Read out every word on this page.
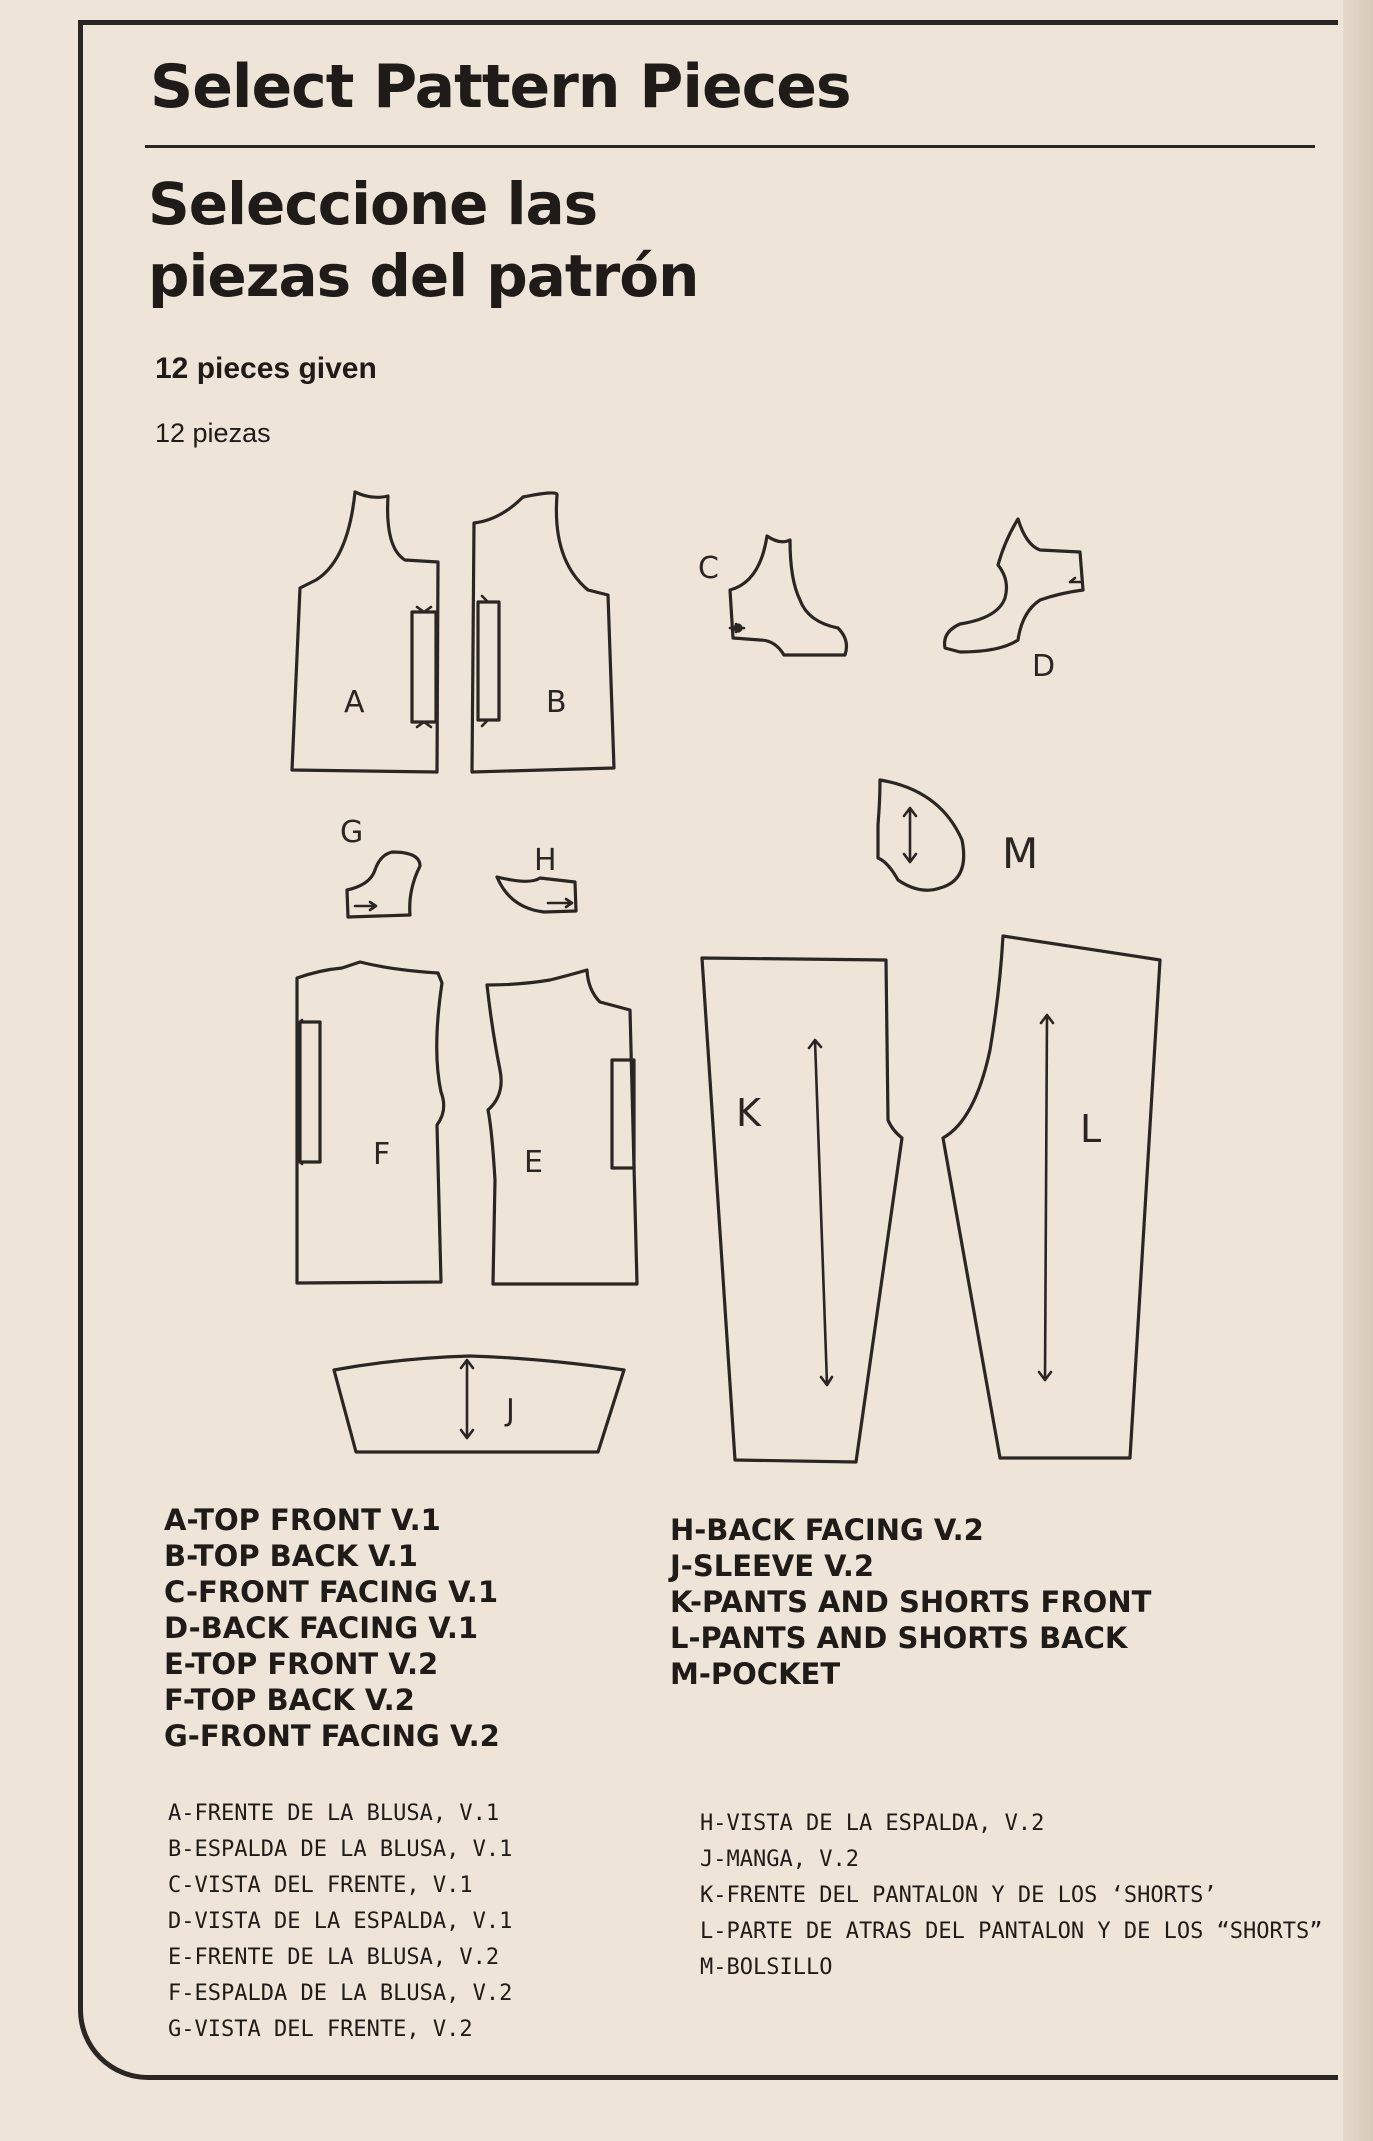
Select Pattern Pieces
Seleccione las
piezas del patrón
12 pieces given
12 piezas
A	B
C
D
G
H
F	E
J
K	L
M
A-TOP FRONT V.1
B-TOP BACK V.1
C-FRONT FACING V.1
D-BACK FACING V.1
E-TOP FRONT V.2
F-TOP BACK V.2
G-FRONT FACING V.2
H-BACK FACING V.2
J-SLEEVE V.2
K-PANTS AND SHORTS FRONT
L-PANTS AND SHORTS BACK
M-POCKET
A-FRENTE DE LA BLUSA, V.1
B-ESPALDA DE LA BLUSA, V.1
C-VISTA DEL FRENTE, V.1
D-VISTA DE LA ESPALDA, V.1
E-FRENTE DE LA BLUSA, V.2
F-ESPALDA DE LA BLUSA, V.2
G-VISTA DEL FRENTE, V.2
H-VISTA DE LA ESPALDA, V.2
J-MANGA, V.2
K-FRENTE DEL PANTALON Y DE LOS ‘SHORTS’
L-PARTE DE ATRAS DEL PANTALON Y DE LOS “SHORTS”
M-BOLSILLO
